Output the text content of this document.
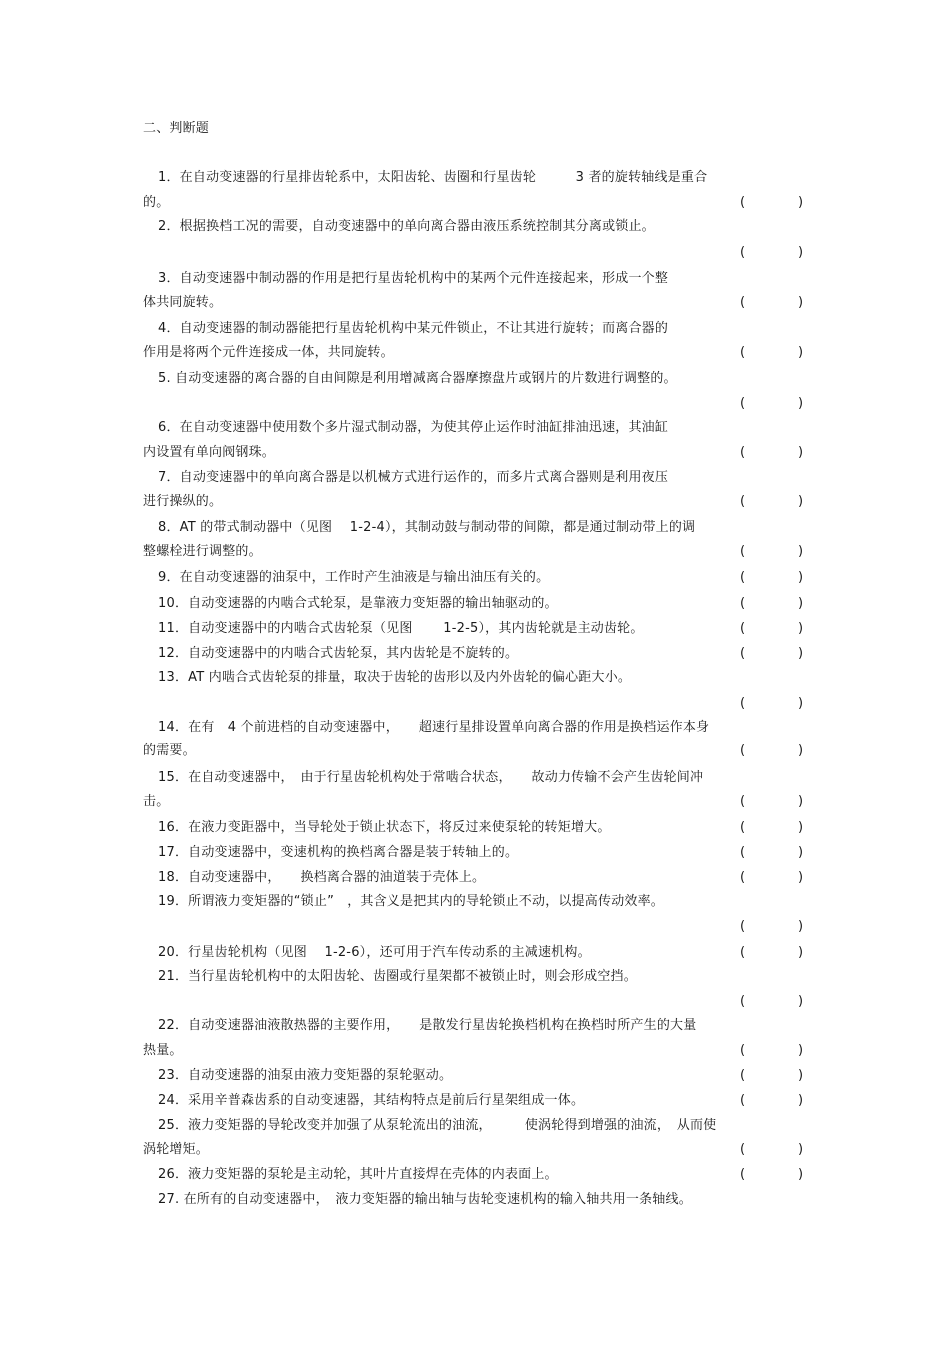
二、判断题
1．在自动变速器的行星排齿轮系中，太阳齿轮、齿圈和行星齿轮　　　3 者的旋转轴线是重合
的。	(	)
2．根据换档工况的需要，自动变速器中的单向离合器由液压系统控制其分离或锁止。
(	)
3．自动变速器中制动器的作用是把行星齿轮机构中的某两个元件连接起来，形成一个整
体共同旋转。	(	)
4．自动变速器的制动器能把行星齿轮机构中某元件锁止，不让其进行旋转；而离合器的
作用是将两个元件连接成一体，共同旋转。	(	)
5. 自动变速器的离合器的自由间隙是利用增减离合器摩擦盘片或钢片的片数进行调整的。
(	)
6．在自动变速器中使用数个多片湿式制动器，为使其停止运作时油缸排油迅速，其油缸
内设置有单向阀钢珠。	(	)
7．自动变速器中的单向离合器是以机械方式进行运作的，而多片式离合器则是利用夜压
进行操纵的。	(	)
8．AT 的带式制动器中（见图　 1-2-4），其制动鼓与制动带的间隙，都是通过制动带上的调
整螺栓进行调整的。	(	)
9．在自动变速器的油泵中，工作时产生油液是与输出油压有关的。	(	)
10．自动变速器的内啮合式轮泵，是靠液力变矩器的输出轴驱动的。	(	)
11．自动变速器中的内啮合式齿轮泵（见图　　 1-2-5），其内齿轮就是主动齿轮。	(	)
12．自动变速器中的内啮合式齿轮泵，其内齿轮是不旋转的。	(	)
13．AT 内啮合式齿轮泵的排量，取决于齿轮的齿形以及内外齿轮的偏心距大小。
(	)
14．在有　4 个前进档的自动变速器中，　　超速行星排设置单向离合器的作用是换档运作本身
的需要。	(	)
15．在自动变速器中，　由于行星齿轮机构处于常啮合状态，　　故动力传输不会产生齿轮间冲
击。	(	)
16．在液力变距器中，当导轮处于锁止状态下，将反过来使泵轮的转矩增大。	(	)
17．自动变速器中，变速机构的换档离合器是装于转轴上的。	(	)
18．自动变速器中，　　换档离合器的油道装于壳体上。	(	)
19．所谓液力变矩器的“锁止”　，其含义是把其内的导轮锁止不动，以提高传动效率。
(	)
20．行星齿轮机构（见图　 1-2-6），还可用于汽车传动系的主减速机构。	(	)
21．当行星齿轮机构中的太阳齿轮、齿圈或行星架都不被锁止时，则会形成空挡。
(	)
22．自动变速器油液散热器的主要作用，　　是散发行星齿轮换档机构在换档时所产生的大量
热量。	(	)
23．自动变速器的油泵由液力变矩器的泵轮驱动。	(	)
24．采用辛普森齿系的自动变速器，其结构特点是前后行星架组成一体。	(	)
25．液力变矩器的导轮改变并加强了从泵轮流出的油流，　　　使涡轮得到增强的油流，　从而使
涡轮增矩。	(	)
26．液力变矩器的泵轮是主动轮，其叶片直接焊在壳体的内表面上。	(	)
27. 在所有的自动变速器中，　液力变矩器的输出轴与齿轮变速机构的输入轴共用一条轴线。
